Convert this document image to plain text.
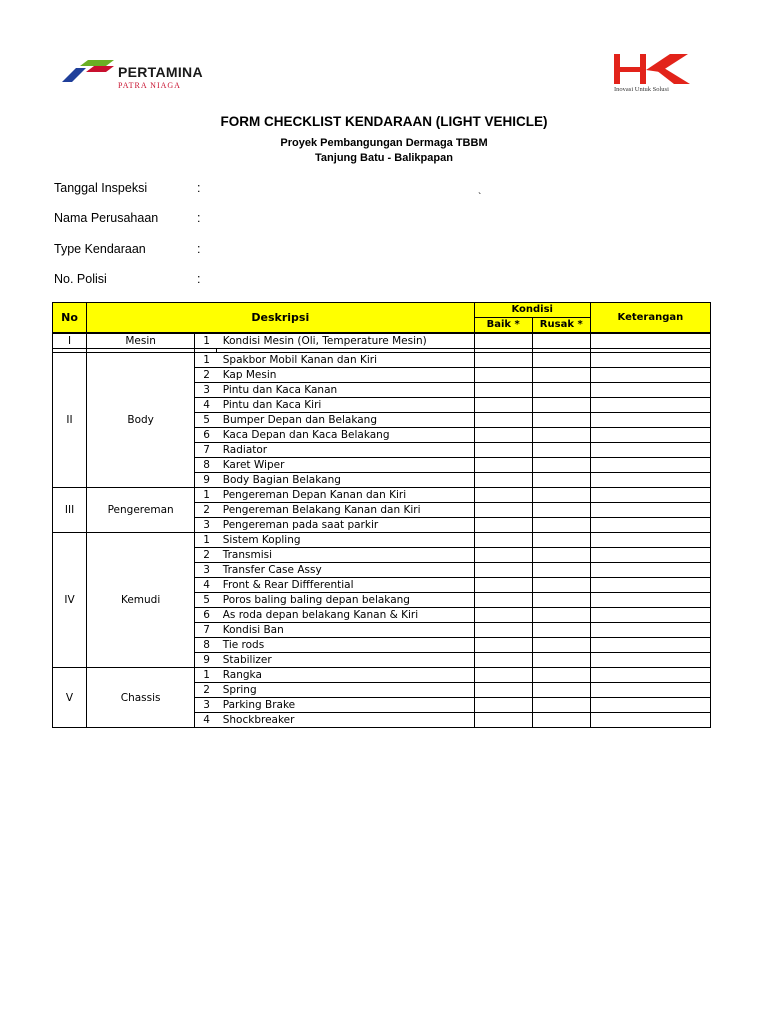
PERTAMINA
PATRA NIAGA	Inovasi Untuk Solusi
FORM CHECKLIST KENDARAAN (LIGHT VEHICLE)
Proyek Pembangungan Dermaga TBBM
Tanjung Batu - Balikpapan
Tanggal Inspeksi	:
Nama Perusahaan	:
Type Kendaraan	:
No. Polisi	:
`
No	Deskripsi			Kondisi		Keterangan
				Baik *	Rusak *	
I	Mesin	1	Kondisi Mesin (Oli, Temperature Mesin)			

II	Body	1	Spakbor Mobil Kanan dan Kiri			
		2	Kap Mesin			
		3	Pintu dan Kaca Kanan			
		4	Pintu dan Kaca Kiri			
		5	Bumper Depan dan Belakang			
		6	Kaca Depan dan Kaca Belakang			
		7	Radiator			
		8	Karet Wiper			
		9	Body Bagian Belakang			
III	Pengereman	1	Pengereman Depan Kanan dan Kiri			
		2	Pengereman Belakang Kanan dan Kiri			
		3	Pengereman pada saat parkir			
IV	Kemudi	1	Sistem Kopling			
		2	Transmisi			
		3	Transfer Case Assy			
		4	Front & Rear Diffferential			
		5	Poros baling baling depan belakang			
		6	As roda depan belakang Kanan & Kiri			
		7	Kondisi Ban			
		8	Tie rods			
		9	Stabilizer			
V	Chassis	1	Rangka			
		2	Spring			
		3	Parking Brake			
		4	Shockbreaker			
